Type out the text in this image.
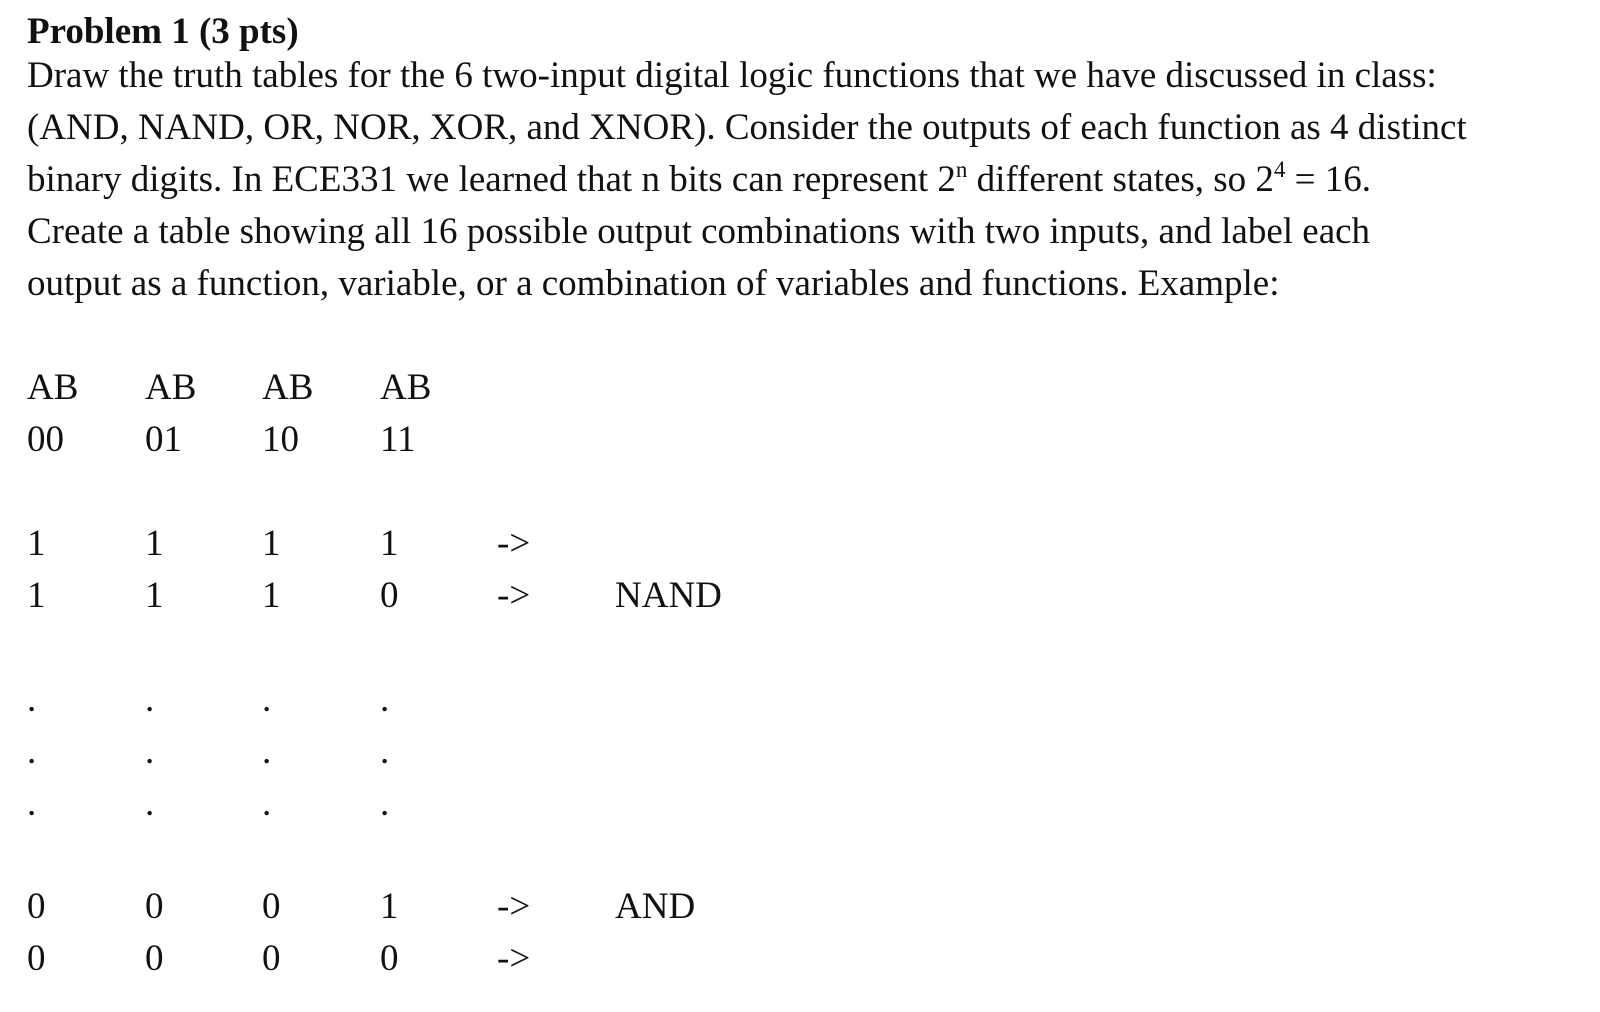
Problem 1 (3 pts)
Draw the truth tables for the 6 two-input digital logic functions that we have discussed in class:
(AND, NAND, OR, NOR, XOR, and XNOR). Consider the outputs of each function as 4 distinct
binary digits. In ECE331 we learned that n bits can represent 2$^n$ different states, so $2^4 = 16$.
Create a table showing all 16 possible output combinations with two inputs, and label each
output as a function, variable, or a combination of variables and functions. Example:
AB AB AB AB
00 01 10 11
1	1	1	1	->
1	1	1	0	-> NAND
.	.	.	.
.	.	.	.
.	.	.	.
0	0	0	1	-> AND
0	0	0	0	->
